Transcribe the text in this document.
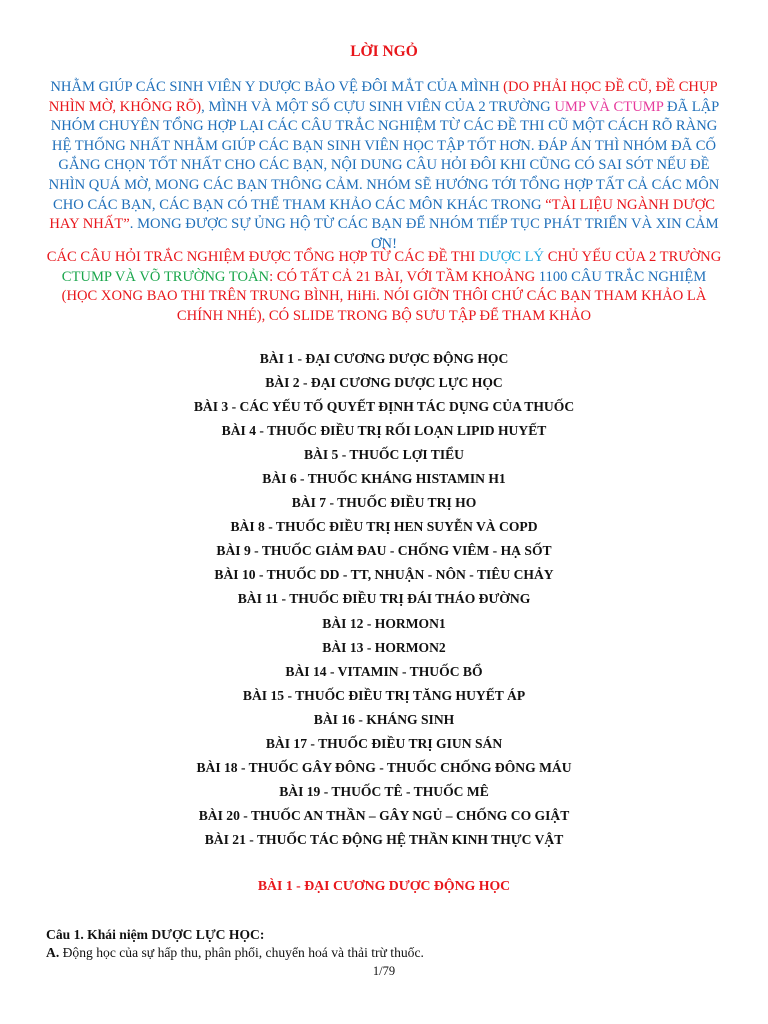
LỜI NGỎ

NHẰM GIÚP CÁC SINH VIÊN Y DƯỢC BẢO VỆ ĐÔI MẮT CỦA MÌNH (DO PHẢI HỌC ĐỀ CŨ, ĐỀ CHỤP NHÌN MỜ, KHÔNG RÕ), MÌNH VÀ MỘT SỐ CỰU SINH VIÊN CỦA 2 TRƯỜNG UMP VÀ CTUMP ĐÃ LẬP NHÓM CHUYÊN TỔNG HỢP LẠI CÁC CÂU TRẮC NGHIỆM TỪ CÁC ĐỀ THI CŨ MỘT CÁCH RÕ RÀNG HỆ THỐNG NHẤT NHẰM GIÚP CÁC BẠN SINH VIÊN HỌC TẬP TỐT HƠN. ĐÁP ÁN THÌ NHÓM ĐÃ CỐ GẮNG CHỌN TỐT NHẤT CHO CÁC BẠN, NỘI DUNG CÂU HỎI ĐÔI KHI CŨNG CÓ SAI SÓT NẾU ĐỀ NHÌN QUÁ MỜ, MONG CÁC BẠN THÔNG CẢM. NHÓM SẼ HƯỚNG TỚI TỔNG HỢP TẤT CẢ CÁC MÔN CHO CÁC BẠN, CÁC BẠN CÓ THỂ THAM KHẢO CÁC MÔN KHÁC TRONG “TÀI LIỆU NGÀNH DƯỢC HAY NHẤT”. MONG ĐƯỢC SỰ ỦNG HỘ TỪ CÁC BẠN ĐỂ NHÓM TIẾP TỤC PHÁT TRIỂN VÀ XIN CẢM ƠN!

CÁC CÂU HỎI TRẮC NGHIỆM ĐƯỢC TỔNG HỢP TỪ CÁC ĐỀ THI DƯỢC LÝ CHỦ YẾU CỦA 2 TRƯỜNG CTUMP VÀ VÕ TRƯỜNG TOẢN: CÓ TẤT CẢ 21 BÀI, VỚI TẦM KHOẢNG 1100 CÂU TRẮC NGHIỆM (HỌC XONG BAO THI TRÊN TRUNG BÌNH, HiHi. NÓI GIỠN THÔI CHỨ CÁC BẠN THAM KHẢO LÀ CHÍNH NHÉ), CÓ SLIDE TRONG BỘ SƯU TẬP ĐỂ THAM KHẢO

BÀI 1 - ĐẠI CƯƠNG DƯỢC ĐỘNG HỌC
BÀI 2 - ĐẠI CƯƠNG DƯỢC LỰC HỌC
BÀI 3 - CÁC YẾU TỐ QUYẾT ĐỊNH TÁC DỤNG CỦA THUỐC
BÀI 4 - THUỐC ĐIỀU TRỊ RỐI LOẠN LIPID HUYẾT
BÀI 5 - THUỐC LỢI TIỂU
BÀI 6 - THUỐC KHÁNG HISTAMIN H1
BÀI 7 - THUỐC ĐIỀU TRỊ HO
BÀI 8 - THUỐC ĐIỀU TRỊ HEN SUYỄN VÀ COPD
BÀI 9 - THUỐC GIẢM ĐAU - CHỐNG VIÊM - HẠ SỐT
BÀI 10 - THUỐC DD - TT, NHUẬN - NÔN - TIÊU CHẢY
BÀI 11 - THUỐC ĐIỀU TRỊ ĐÁI THÁO ĐƯỜNG
BÀI 12 - HORMON1
BÀI 13 - HORMON2
BÀI 14 - VITAMIN - THUỐC BỔ
BÀI 15 - THUỐC ĐIỀU TRỊ TĂNG HUYẾT ÁP
BÀI 16 - KHÁNG SINH
BÀI 17 - THUỐC ĐIỀU TRỊ GIUN SÁN
BÀI 18 - THUỐC GÂY ĐÔNG - THUỐC CHỐNG ĐÔNG MÁU
BÀI 19 - THUỐC TÊ - THUỐC MÊ
BÀI 20 - THUỐC AN THẦN – GÂY NGỦ – CHỐNG CO GIẬT
BÀI 21 - THUỐC TÁC ĐỘNG HỆ THẦN KINH THỰC VẬT
BÀI 1 - ĐẠI CƯƠNG DƯỢC ĐỘNG HỌC
Câu 1. Khái niệm DƯỢC LỰC HỌC:
A. Động học của sự hấp thu, phân phối, chuyển hoá và thải trừ thuốc.
1/79
